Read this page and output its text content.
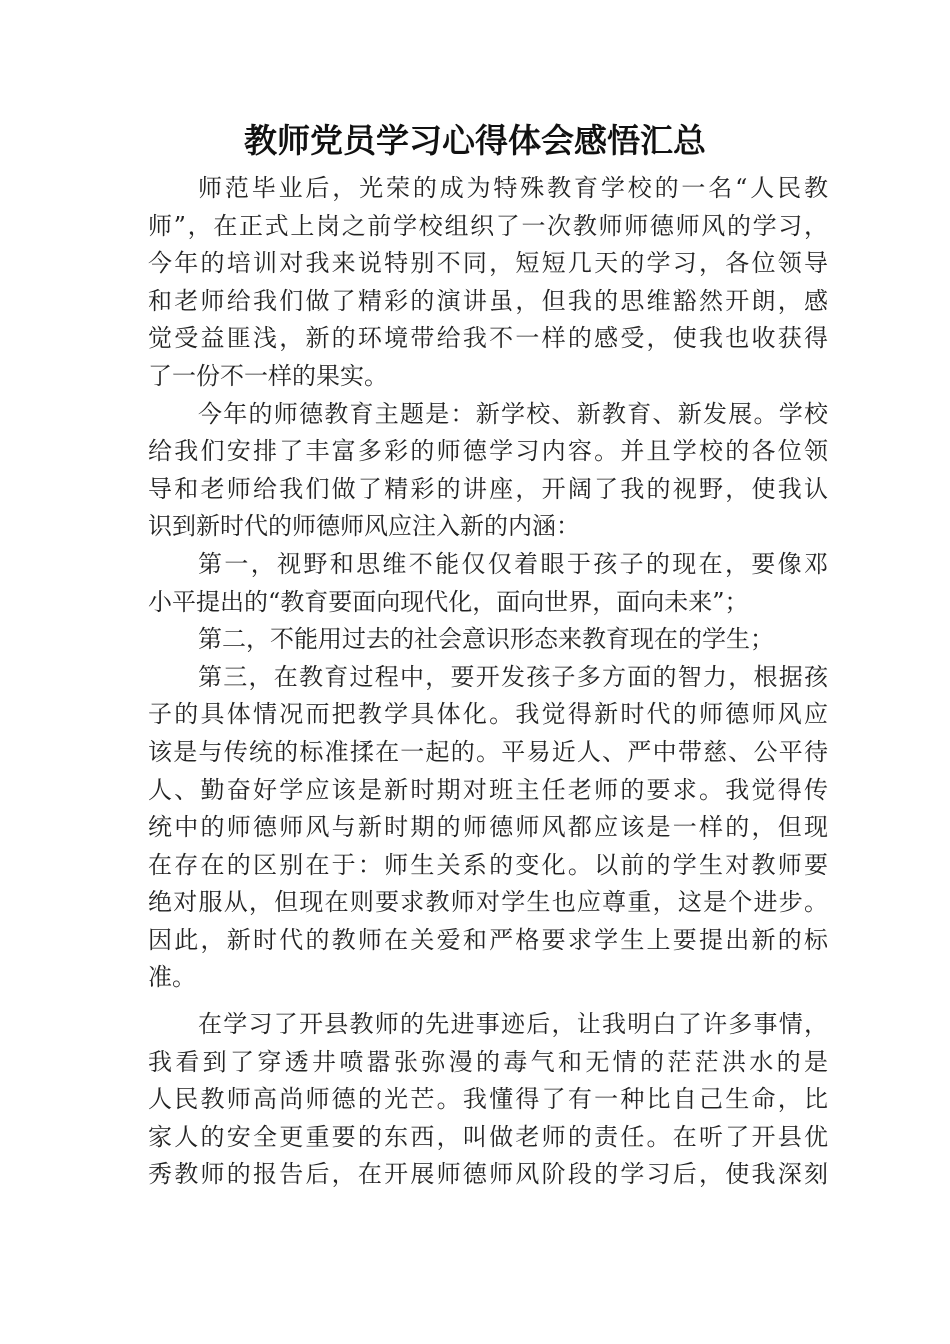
教师党员学习心得体会感悟汇总
师范毕业后，光荣的成为特殊教育学校的一名“人民教
师”，在正式上岗之前学校组织了一次教师师德师风的学习，
今年的培训对我来说特别不同，短短几天的学习，各位领导
和老师给我们做了精彩的演讲虽，但我的思维豁然开朗，感
觉受益匪浅，新的环境带给我不一样的感受，使我也收获得
了一份不一样的果实。
今年的师德教育主题是：新学校、新教育、新发展。学校
给我们安排了丰富多彩的师德学习内容。并且学校的各位领
导和老师给我们做了精彩的讲座，开阔了我的视野，使我认
识到新时代的师德师风应注入新的内涵：
第一，视野和思维不能仅仅着眼于孩子的现在，要像邓
小平提出的“教育要面向现代化，面向世界，面向未来”；
第二，不能用过去的社会意识形态来教育现在的学生；
第三，在教育过程中，要开发孩子多方面的智力，根据孩
子的具体情况而把教学具体化。我觉得新时代的师德师风应
该是与传统的标准揉在一起的。平易近人、严中带慈、公平待
人、勤奋好学应该是新时期对班主任老师的要求。我觉得传
统中的师德师风与新时期的师德师风都应该是一样的，但现
在存在的区别在于：师生关系的变化。以前的学生对教师要
绝对服从，但现在则要求教师对学生也应尊重，这是个进步。
因此，新时代的教师在关爱和严格要求学生上要提出新的标
准。
在学习了开县教师的先进事迹后，让我明白了许多事情，
我看到了穿透井喷嚣张弥漫的毒气和无情的茫茫洪水的是
人民教师高尚师德的光芒。我懂得了有一种比自己生命，比
家人的安全更重要的东西，叫做老师的责任。在听了开县优
秀教师的报告后，在开展师德师风阶段的学习后，使我深刻
